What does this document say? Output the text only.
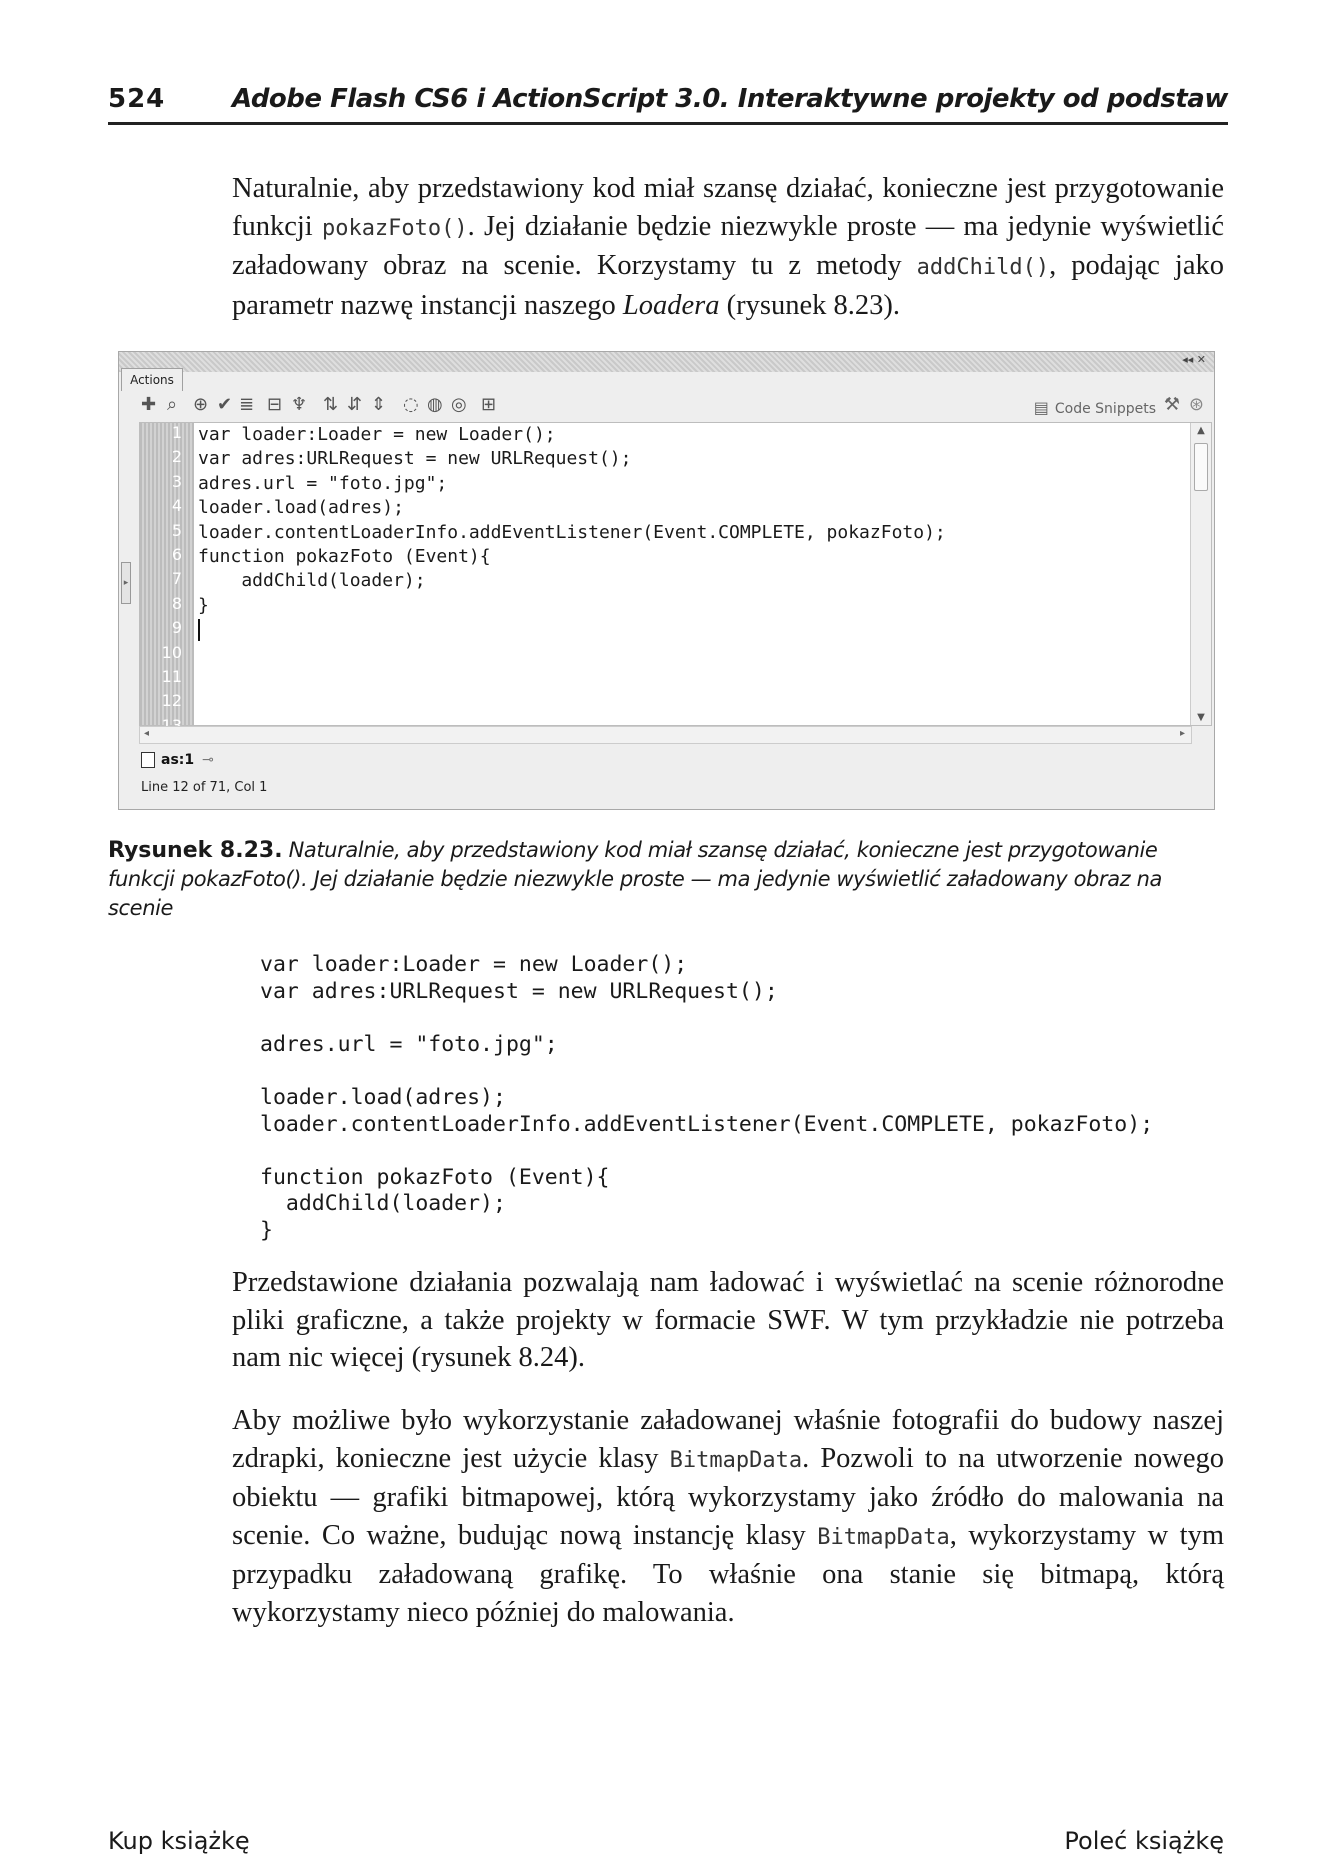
524	Adobe Flash CS6 i ActionScript 3.0. Interaktywne projekty od podstaw

Naturalnie, aby przedstawiony kod miał szansę działać, konieczne jest przygotowanie funkcji pokazFoto(). Jej działanie będzie niezwykle proste — ma jedynie wyświetlić załadowany obraz na scenie. Korzystamy tu z metody addChild(), podając jako parametr nazwę instancji naszego Loadera (rysunek 8.23).

◂◂ ✕
Actions
✚ ⌕ ⊕ ✔ ≣ ⊟ ♆ ⇅ ⇵ ⇕ ◌ ◍ ◎ ⊞	▤ Code Snippets ⚒ ⊛
▸
1
2
3
4
5
6
7
8
9
10
11
12
var loader:Loader = new Loader();
var adres:URLRequest = new URLRequest();
adres.url = "foto.jpg";
loader.load(adres);
loader.contentLoaderInfo.addEventListener(Event.COMPLETE, pokazFoto);
function pokazFoto (Event){
addChild(loader);
}
▲
▼
◂	▸
as:1 ⊸
Line 12 of 71, Col 1

Rysunek 8.23. Naturalnie, aby przedstawiony kod miał szansę działać, konieczne jest przygotowanie funkcji pokazFoto(). Jej działanie będzie niezwykle proste — ma jedynie wyświetlić załadowany obraz na scenie

var loader:Loader = new Loader();
var adres:URLRequest = new URLRequest();

adres.url = "foto.jpg";

loader.load(adres);
loader.contentLoaderInfo.addEventListener(Event.COMPLETE, pokazFoto);

function pokazFoto (Event){
addChild(loader);
}

Przedstawione działania pozwalają nam ładować i wyświetlać na scenie różnorodne pliki graficzne, a także projekty w formacie SWF. W tym przykładzie nie potrzeba nam nic więcej (rysunek 8.24).

Aby możliwe było wykorzystanie załadowanej właśnie fotografii do budowy naszej zdrapki, konieczne jest użycie klasy BitmapData. Pozwoli to na utworzenie nowego obiektu — grafiki bitmapowej, którą wykorzystamy jako źródło do malowania na scenie. Co ważne, budując nową instancję klasy BitmapData, wykorzystamy w tym przypadku załadowaną grafikę. To właśnie ona stanie się bitmapą, którą wykorzystamy nieco później do malowania.

Kup książkę	Poleć książkę
